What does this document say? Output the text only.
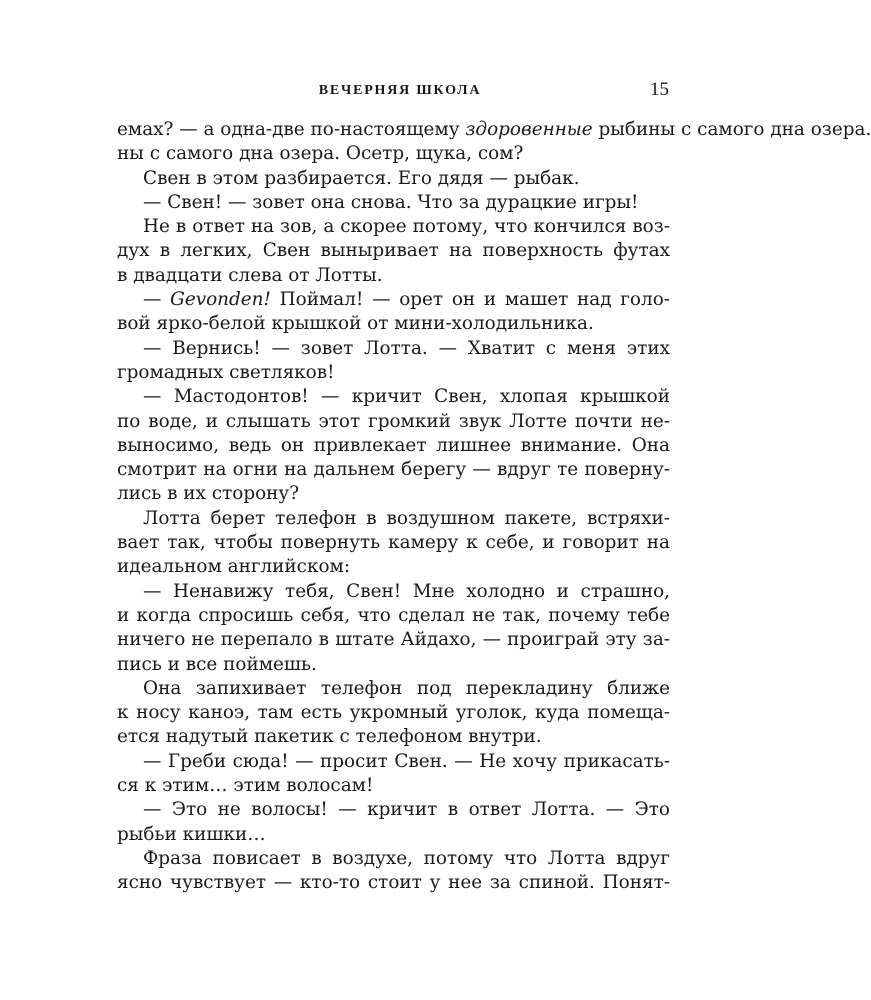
ВЕЧЕРНЯЯ ШКОЛА	15
емах? — а одна-две по-настоящему здоровенные рыбины с самого дна озера.
ны с самого дна озера. Осетр, щука, сом?
Свен в этом разбирается. Его дядя — рыбак.
— Свен! — зовет она снова. Что за дурацкие игры!
Не в ответ на зов, а скорее потому, что кончился воз-
дух в легких, Свен выныривает на поверхность футах
в двадцати слева от Лотты.
— Gevonden! Поймал! — орет он и машет над голо-
вой ярко-белой крышкой от мини-холодильника.
— Вернись! — зовет Лотта. — Хватит с меня этих
громадных светляков!
— Мастодонтов! — кричит Свен, хлопая крышкой
по воде, и слышать этот громкий звук Лотте почти не-
выносимо, ведь он привлекает лишнее внимание. Она
смотрит на огни на дальнем берегу — вдруг те поверну-
лись в их сторону?
Лотта берет телефон в воздушном пакете, встряхи-
вает так, чтобы повернуть камеру к себе, и говорит на
идеальном английском:
— Ненавижу тебя, Свен! Мне холодно и страшно,
и когда спросишь себя, что сделал не так, почему тебе
ничего не перепало в штате Айдахо, — проиграй эту за-
пись и все поймешь.
Она запихивает телефон под перекладину ближе
к носу каноэ, там есть укромный уголок, куда помеща-
ется надутый пакетик с телефоном внутри.
— Греби сюда! — просит Свен. — Не хочу прикасать-
ся к этим… этим волосам!
— Это не волосы! — кричит в ответ Лотта. — Это
рыбьи кишки…
Фраза повисает в воздухе, потому что Лотта вдруг
ясно чувствует — кто-то стоит у нее за спиной. Понят-
